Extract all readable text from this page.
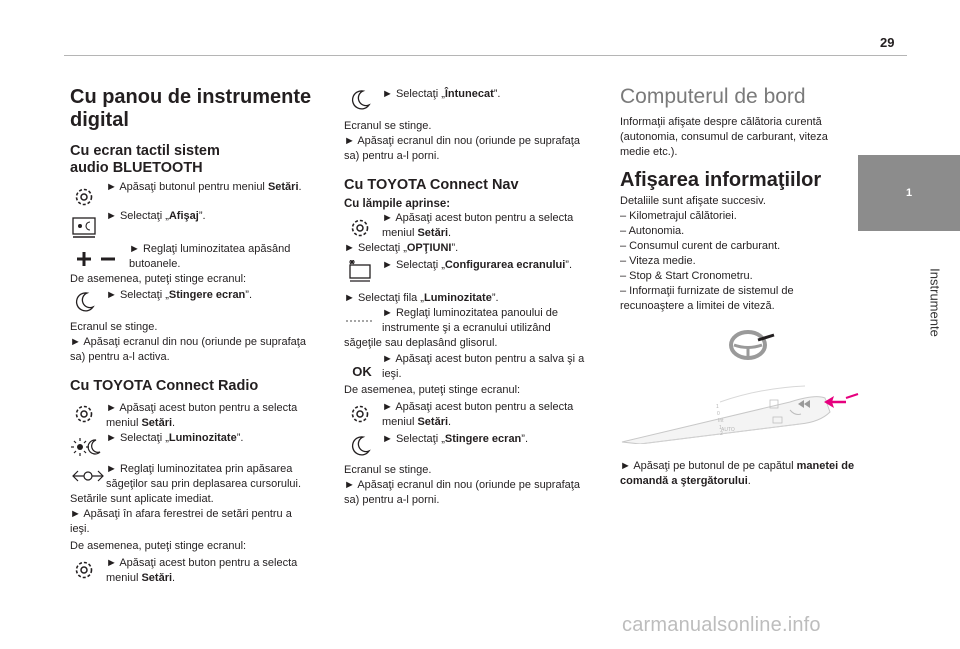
29
1
Instrumente
Cu panou de instrumente
digital
Cu ecran tactil sistem
audio BLUETOOTH
► Apăsaţi butonul pentru meniul Setări.
► Selectaţi „Afişaj”.
► Reglaţi luminozitatea apăsând
butoanele.
De asemenea, puteţi stinge ecranul:
► Selectaţi „Stingere ecran”.
Ecranul se stinge.
► Apăsaţi ecranul din nou (oriunde pe suprafaţa
sa) pentru a-l activa.
Cu TOYOTA Connect Radio
► Apăsaţi acest buton pentru a selecta
meniul Setări.
► Selectaţi „Luminozitate”.
► Reglaţi luminozitatea prin apăsarea
săgeţilor sau prin deplasarea cursorului.
Setările sunt aplicate imediat.
► Apăsaţi în afara ferestrei de setări pentru a
ieşi.
De asemenea, puteţi stinge ecranul:
► Apăsaţi acest buton pentru a selecta
meniul Setări.
► Selectaţi „Întunecat”.
Ecranul se stinge.
► Apăsaţi ecranul din nou (oriunde pe suprafaţa
sa) pentru a-l porni.
Cu TOYOTA Connect Nav
Cu lămpile aprinse:
► Apăsaţi acest buton pentru a selecta
meniul Setări.
► Selectaţi „OPŢIUNI”.
► Selectaţi „Configurarea ecranului”.
► Selectaţi fila „Luminozitate”.
► Reglaţi luminozitatea panoului de
instrumente şi a ecranului utilizând
săgeţile sau deplasând glisorul.
OK
► Apăsaţi acest buton pentru a salva şi a
ieşi.
De asemenea, puteţi stinge ecranul:
► Apăsaţi acest buton pentru a selecta
meniul Setări.
► Selectaţi „Stingere ecran”.
Ecranul se stinge.
► Apăsaţi ecranul din nou (oriunde pe suprafaţa
sa) pentru a-l porni.
Computerul de bord
Informaţii afişate despre călătoria curentă
(autonomia, consumul de carburant, viteza
medie etc.).
Afişarea informaţiilor
Detaliile sunt afişate succesiv.
– Kilometrajul călătoriei.
– Autonomia.
– Consumul curent de carburant.
– Viteza medie.
– Stop & Start Cronometru.
– Informaţii furnizate de sistemul de
recunoaştere a limitei de viteză.
1
0
Int
1
2
AUTO
► Apăsaţi pe butonul de pe capătul manetei de
comandă a ştergătorului.
carmanualsonline.info
